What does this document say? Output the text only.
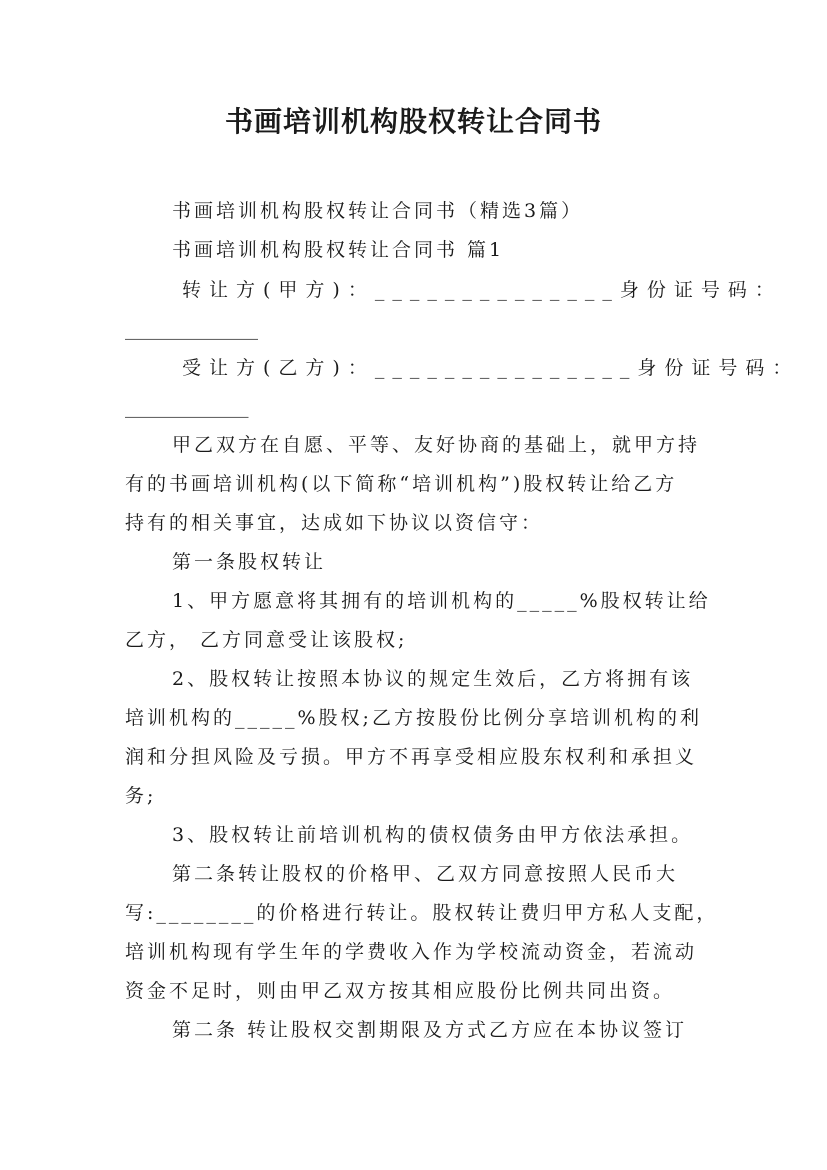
书画培训机构股权转让合同书
书画培训机构股权转让合同书（精选3篇）
书画培训机构股权转让合同书 篇1
转让方(甲方)：______________身份证号码：
______________
受让方(乙方)：_______________身份证号码：
_____________
甲乙双方在自愿、平等、友好协商的基础上，就甲方持
有的书画培训机构(以下简称“培训机构”)股权转让给乙方
持有的相关事宜，达成如下协议以资信守：
第一条股权转让
1、甲方愿意将其拥有的培训机构的_____%股权转让给
乙方， 乙方同意受让该股权;
2、股权转让按照本协议的规定生效后，乙方将拥有该
培训机构的_____%股权;乙方按股份比例分享培训机构的利
润和分担风险及亏损。甲方不再享受相应股东权利和承担义
务;
3、股权转让前培训机构的债权债务由甲方依法承担。
第二条转让股权的价格甲、乙双方同意按照人民币大
写:________的价格进行转让。股权转让费归甲方私人支配，
培训机构现有学生年的学费收入作为学校流动资金，若流动
资金不足时，则由甲乙双方按其相应股份比例共同出资。
第二条 转让股权交割期限及方式乙方应在本协议签订
